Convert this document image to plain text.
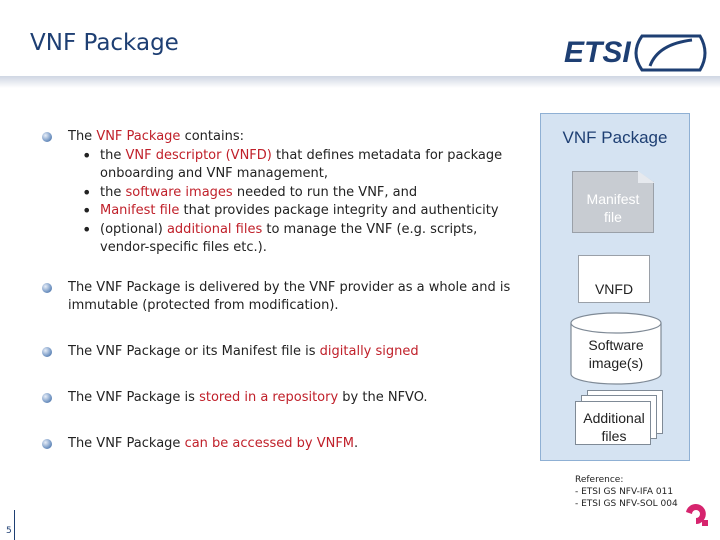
VNF Package	ETSI
The VNF Package contains:
• the VNF descriptor (VNFD) that defines metadata for package onboarding and VNF management,
• the software images needed to run the VNF, and
• Manifest file that provides package integrity and authenticity
• (optional) additional files to manage the VNF (e.g. scripts, vendor-specific files etc.).
The VNF Package is delivered by the VNF provider as a whole and is immutable (protected from modification).
The VNF Package or its Manifest file is digitally signed
The VNF Package is stored in a repository by the NFVO.
The VNF Package can be accessed by VNFM.
VNF Package
Manifest
file
VNFD
Software
image(s)
Additional
files
Reference:
- ETSI GS NFV-IFA 011
- ETSI GS NFV-SOL 004
5
